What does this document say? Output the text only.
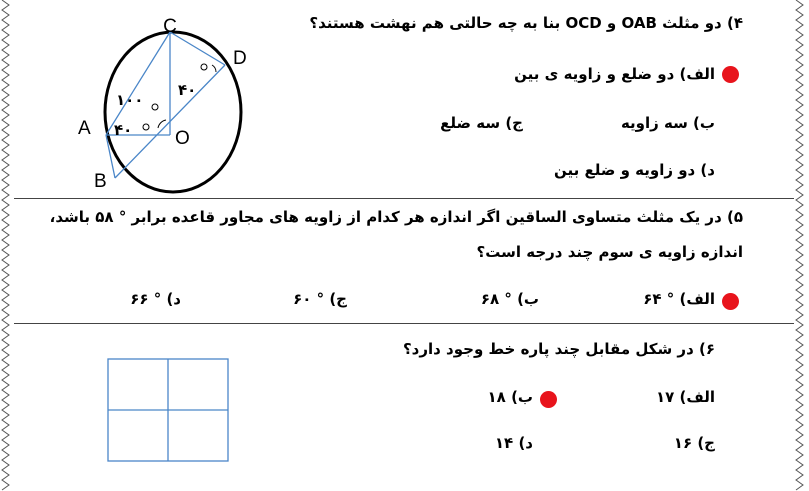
۴) دو مثلث OAB و OCD بنا به چه حالتی هم نهشت هستند؟
الف) دو ضلع و زاویه ی بین
ب) سه زاویه
ج) سه ضلع
د) دو زاویه و ضلع بین
C
D
A
B
O
۱۰۰
۴۰
۴۰
۵) در یک مثلث متساوی الساقین اگر اندازه هر کدام از زاویه های مجاور قاعده برابر ° ۵۸ باشد،
اندازه زاویه ی سوم چند درجه است؟
الف) ° ۶۴
ب) ° ۶۸
ج) ° ۶۰
د) ° ۶۶
۶) در شکل مقابل چند پاره خط وجود دارد؟
الف) ۱۷
ب) ۱۸
ج) ۱۶
د) ۱۴
